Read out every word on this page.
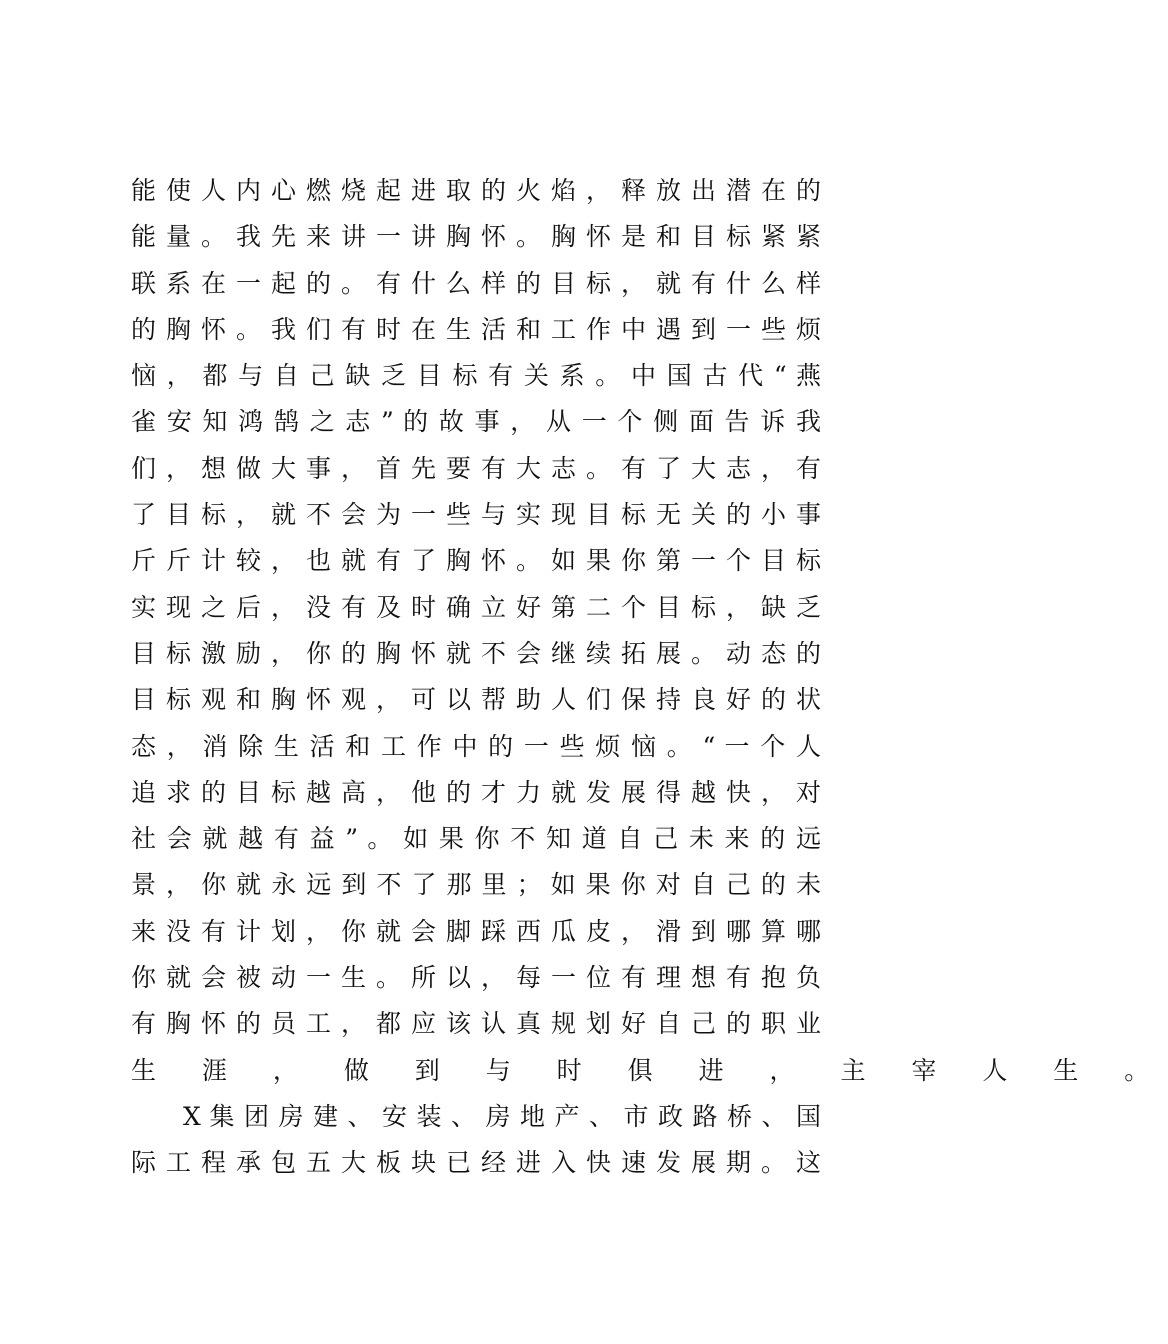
能 使 人 内 心 燃 烧 起 进 取 的 火 焰 ， 释 放 出 潜 在 的
能 量 。 我 先 来 讲 一 讲 胸 怀 。 胸 怀 是 和 目 标 紧 紧
联 系 在 一 起 的 。 有 什 么 样 的 目 标 ， 就 有 什 么 样
的 胸 怀 。 我 们 有 时 在 生 活 和 工 作 中 遇 到 一 些 烦
恼 ， 都 与 自 己 缺 乏 目 标 有 关 系 。 中 国 古 代 “ 燕
雀 安 知 鸿 鹄 之 志 ” 的 故 事 ， 从 一 个 侧 面 告 诉 我
们 ， 想 做 大 事 ， 首 先 要 有 大 志 。 有 了 大 志 ， 有
了 目 标 ， 就 不 会 为 一 些 与 实 现 目 标 无 关 的 小 事
斤 斤 计 较 ， 也 就 有 了 胸 怀 。 如 果 你 第 一 个 目 标
实 现 之 后 ， 没 有 及 时 确 立 好 第 二 个 目 标 ， 缺 乏
目 标 激 励 ， 你 的 胸 怀 就 不 会 继 续 拓 展 。 动 态 的
目 标 观 和 胸 怀 观 ， 可 以 帮 助 人 们 保 持 良 好 的 状
态 ， 消 除 生 活 和 工 作 中 的 一 些 烦 恼 。 “ 一 个 人
追 求 的 目 标 越 高 ， 他 的 才 力 就 发 展 得 越 快 ， 对
社 会 就 越 有 益 ” 。 如 果 你 不 知 道 自 己 未 来 的 远
景 ， 你 就 永 远 到 不 了 那 里 ； 如 果 你 对 自 己 的 未
来 没 有 计 划 ， 你 就 会 脚 踩 西 瓜 皮 ， 滑 到 哪 算 哪
你 就 会 被 动 一 生 。 所 以 ， 每 一 位 有 理 想 有 抱 负
有 胸 怀 的 员 工 ， 都 应 该 认 真 规 划 好 自 己 的 职 业
生 涯 ， 做 到 与 时 俱 进 ， 主 宰 人 生 。
X 集 团 房 建 、 安 装 、 房 地 产 、 市 政 路 桥 、 国
际 工 程 承 包 五 大 板 块 已 经 进 入 快 速 发 展 期 。 这
